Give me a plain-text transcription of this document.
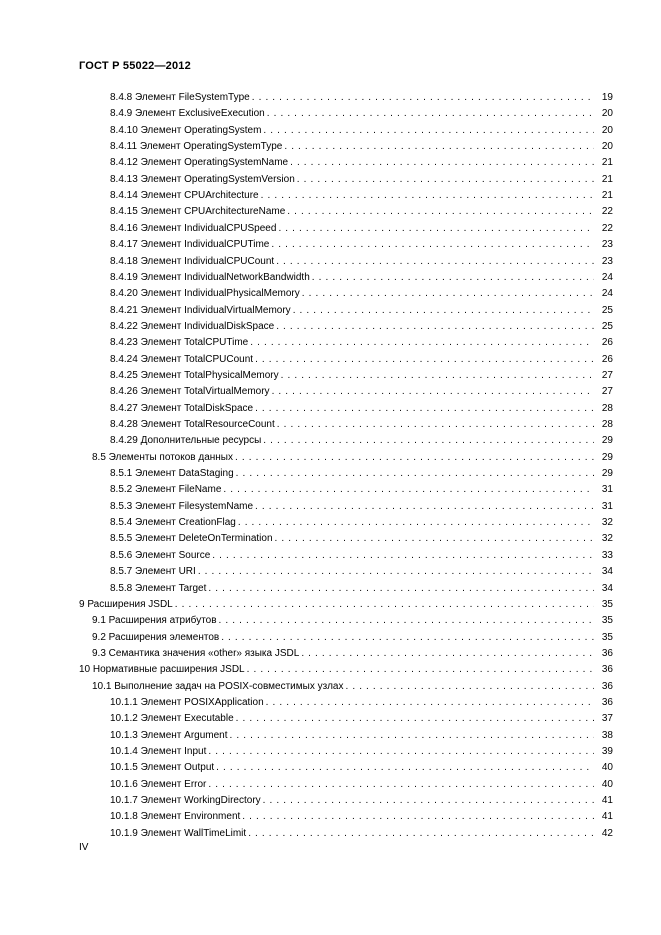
ГОСТ Р 55022—2012
8.4.8 Элемент FileSystemType . . .	19
8.4.9 Элемент ExclusiveExecution . . .	20
8.4.10 Элемент OperatingSystem . . .	20
8.4.11 Элемент OperatingSystemType . . .	20
8.4.12 Элемент OperatingSystemName . . .	21
8.4.13 Элемент OperatingSystemVersion . . .	21
8.4.14 Элемент CPUArchitecture . . .	21
8.4.15 Элемент CPUArchitectureName . . .	22
8.4.16 Элемент IndividualCPUSpeed . . .	22
8.4.17 Элемент IndividualCPUTime . . .	23
8.4.18 Элемент IndividualCPUCount . . .	23
8.4.19 Элемент IndividualNetworkBandwidth . . .	24
8.4.20 Элемент IndividualPhysicalMemory . . .	24
8.4.21 Элемент IndividualVirtualMemory . . .	25
8.4.22 Элемент IndividualDiskSpace . . .	25
8.4.23 Элемент TotalCPUTime . . .	26
8.4.24 Элемент TotalCPUCount . . .	26
8.4.25 Элемент TotalPhysicalMemory . . .	27
8.4.26 Элемент TotalVirtualMemory . . .	27
8.4.27 Элемент TotalDiskSpace . . .	28
8.4.28 Элемент TotalResourceCount . . .	28
8.4.29 Дополнительные ресурсы . . .	29
8.5 Элементы потоков данных . . .	29
8.5.1 Элемент DataStaging . . .	29
8.5.2 Элемент FileName . . .	31
8.5.3 Элемент FilesystemName . . .	31
8.5.4 Элемент CreationFlag . . .	32
8.5.5 Элемент DeleteOnTermination . . .	32
8.5.6 Элемент Source . . .	33
8.5.7 Элемент URI . . .	34
8.5.8 Элемент Target . . .	34
9 Расширения JSDL . . .	35
9.1 Расширения атрибутов . . .	35
9.2 Расширения элементов . . .	35
9.3 Семантика значения «other» языка JSDL . . .	36
10 Нормативные расширения JSDL . . .	36
10.1 Выполнение задач на POSIX-совместимых узлах . . .	36
10.1.1 Элемент POSIXApplication . . .	36
10.1.2 Элемент Executable . . .	37
10.1.3 Элемент Argument . . .	38
10.1.4 Элемент Input . . .	39
10.1.5 Элемент Output . . .	40
10.1.6 Элемент Error . . .	40
10.1.7 Элемент WorkingDirectory . . .	41
10.1.8 Элемент Environment . . .	41
10.1.9 Элемент WallTimeLimit . . .	42
IV
